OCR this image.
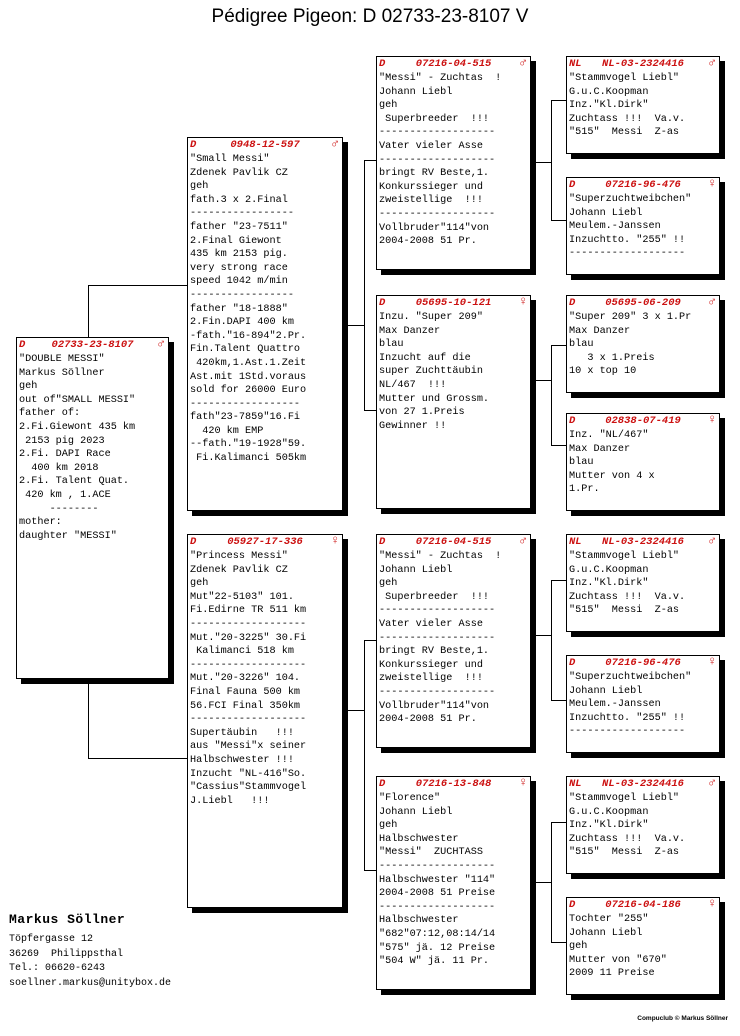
Pédigree Pigeon: D 02733-23-8107 V
D	02733-23-8107	♂
"DOUBLE MESSI"
Markus Söllner
geh
out of"SMALL MESSI"
father of:
2.Fi.Giewont 435 km
2153 pig 2023
2.Fi. DAPI Race
400 km 2018
2.Fi. Talent Quat.
420 km , 1.ACE
--------
mother:
daughter "MESSI"
D	0948-12-597	♂
"Small Messi"
Zdenek Pavlik CZ
geh
fath.3 x 2.Final
-----------------
father "23-7511"
2.Final Giewont
435 km 2153 pig.
very strong race
speed 1042 m/min
-----------------
father "18-1888"
2.Fin.DAPI 400 km
-fath."16-894"2.Pr.
Fin.Talent Quattro
420km,1.Ast.1.Zeit
Ast.mit 1Std.voraus
sold for 26000 Euro
------------------
fath"23-7859"16.Fi
420 km EMP
--fath."19-1928"59.
Fi.Kalimanci 505km
D	05927-17-336	♀
"Princess Messi"
Zdenek Pavlik CZ
geh
Mut"22-5103" 101.
Fi.Edirne TR 511 km
-------------------
Mut."20-3225" 30.Fi
Kalimanci 518 km
-------------------
Mut."20-3226" 104.
Final Fauna 500 km
56.FCI Final 350km
-------------------
Supertäubin   !!!
aus "Messi"x seiner
Halbschwester !!!
Inzucht "NL-416"So.
"Cassius"Stammvogel
J.Liebl   !!!
D	07216-04-515	♂
"Messi" - Zuchtas  !
Johann Liebl
geh
Superbreeder  !!!
-------------------
Vater vieler Asse
-------------------
bringt RV Beste,1.
Konkurssieger und
zweistellige  !!!
-------------------
Vollbruder"114"von
2004-2008 51 Pr.
D	05695-10-121	♀
Inzu. "Super 209"
Max Danzer
blau
Inzucht auf die
super Zuchttäubin
NL/467  !!!
Mutter und Grossm.
von 27 1.Preis
Gewinner !!
D	07216-04-515	♂
"Messi" - Zuchtas  !
Johann Liebl
geh
Superbreeder  !!!
-------------------
Vater vieler Asse
-------------------
bringt RV Beste,1.
Konkurssieger und
zweistellige  !!!
-------------------
Vollbruder"114"von
2004-2008 51 Pr.
D	07216-13-848	♀
"Florence"
Johann Liebl
geh
Halbschwester
"Messi"  ZUCHTASS
-------------------
Halbschwester "114"
2004-2008 51 Preise
-------------------
Halbschwester
"682"07:12,08:14/14
"575" jä. 12 Preise
"504 W" jä. 11 Pr.
NL	NL-03-2324416	♂
"Stammvogel Liebl"
G.u.C.Koopman
Inz."Kl.Dirk"
Zuchtass !!!  Va.v.
"515"  Messi  Z-as
D	07216-96-476	♀
"Superzuchtweibchen"
Johann Liebl
Meulem.-Janssen
Inzuchtto. "255" !!
-------------------
D	05695-06-209	♂
"Super 209" 3 x 1.Pr
Max Danzer
blau
3 x 1.Preis
10 x top 10
D	02838-07-419	♀
Inz. "NL/467"
Max Danzer
blau
Mutter von 4 x
1.Pr.
NL	NL-03-2324416	♂
"Stammvogel Liebl"
G.u.C.Koopman
Inz."Kl.Dirk"
Zuchtass !!!  Va.v.
"515"  Messi  Z-as
D	07216-96-476	♀
"Superzuchtweibchen"
Johann Liebl
Meulem.-Janssen
Inzuchtto. "255" !!
-------------------
NL	NL-03-2324416	♂
"Stammvogel Liebl"
G.u.C.Koopman
Inz."Kl.Dirk"
Zuchtass !!!  Va.v.
"515"  Messi  Z-as
D	07216-04-186	♀
Tochter "255"
Johann Liebl
geh
Mutter von "670"
2009 11 Preise
Markus Söllner
Töpfergasse 12
36269  Philippsthal
Tel.: 06620-6243
soellner.markus@unitybox.de
Compuclub © Markus Söllner
